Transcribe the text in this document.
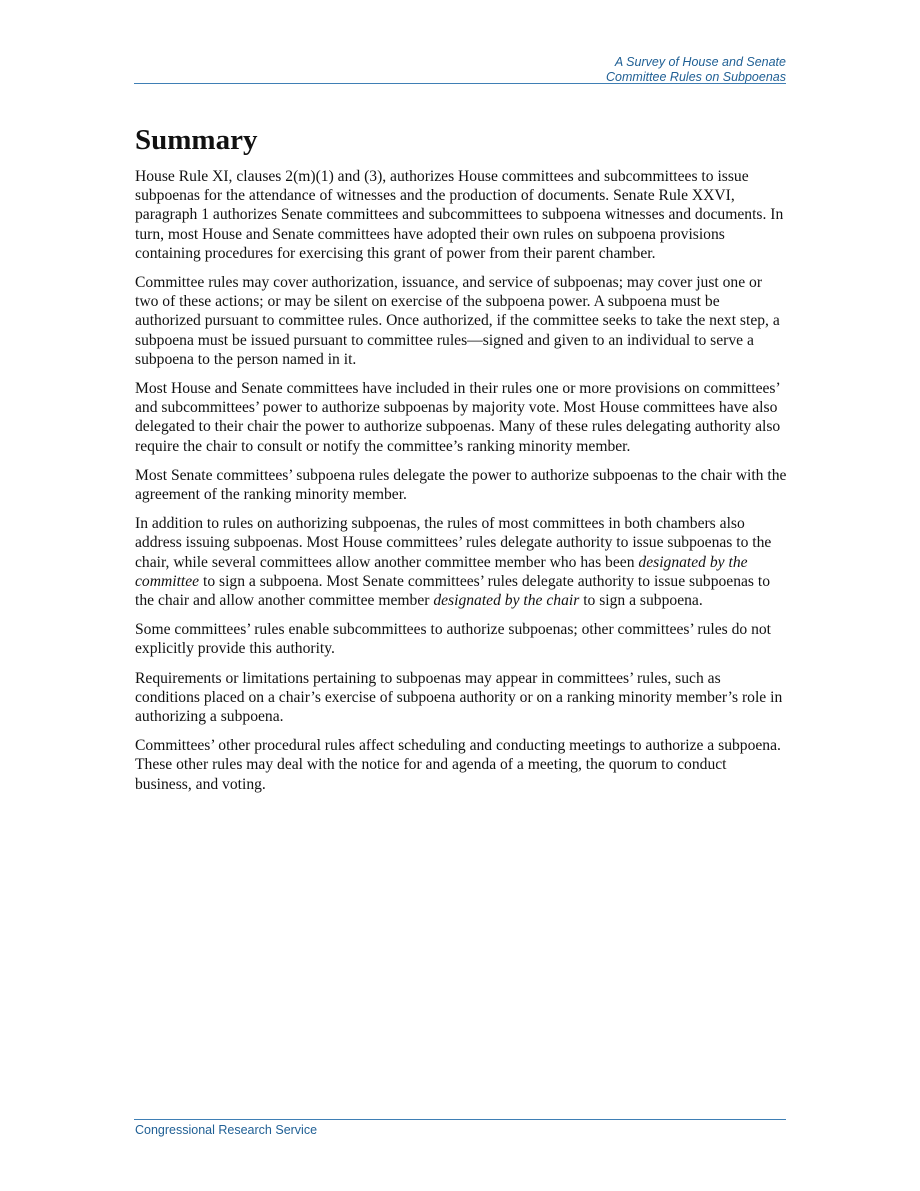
A Survey of House and Senate
Committee Rules on Subpoenas
Summary

House Rule XI, clauses 2(m)(1) and (3), authorizes House committees and subcommittees to issue subpoenas for the attendance of witnesses and the production of documents. Senate Rule XXVI, paragraph 1 authorizes Senate committees and subcommittees to subpoena witnesses and documents. In turn, most House and Senate committees have adopted their own rules on subpoena provisions containing procedures for exercising this grant of power from their parent chamber.

Committee rules may cover authorization, issuance, and service of subpoenas; may cover just one or two of these actions; or may be silent on exercise of the subpoena power. A subpoena must be authorized pursuant to committee rules. Once authorized, if the committee seeks to take the next step, a subpoena must be issued pursuant to committee rules—signed and given to an individual to serve a subpoena to the person named in it.

Most House and Senate committees have included in their rules one or more provisions on committees’ and subcommittees’ power to authorize subpoenas by majority vote. Most House committees have also delegated to their chair the power to authorize subpoenas. Many of these rules delegating authority also require the chair to consult or notify the committee’s ranking minority member.

Most Senate committees’ subpoena rules delegate the power to authorize subpoenas to the chair with the agreement of the ranking minority member.

In addition to rules on authorizing subpoenas, the rules of most committees in both chambers also address issuing subpoenas. Most House committees’ rules delegate authority to issue subpoenas to the chair, while several committees allow another committee member who has been designated by the committee to sign a subpoena. Most Senate committees’ rules delegate authority to issue subpoenas to the chair and allow another committee member designated by the chair to sign a subpoena.

Some committees’ rules enable subcommittees to authorize subpoenas; other committees’ rules do not explicitly provide this authority.

Requirements or limitations pertaining to subpoenas may appear in committees’ rules, such as conditions placed on a chair’s exercise of subpoena authority or on a ranking minority member’s role in authorizing a subpoena.

Committees’ other procedural rules affect scheduling and conducting meetings to authorize a subpoena. These other rules may deal with the notice for and agenda of a meeting, the quorum to conduct business, and voting.

Congressional Research Service
